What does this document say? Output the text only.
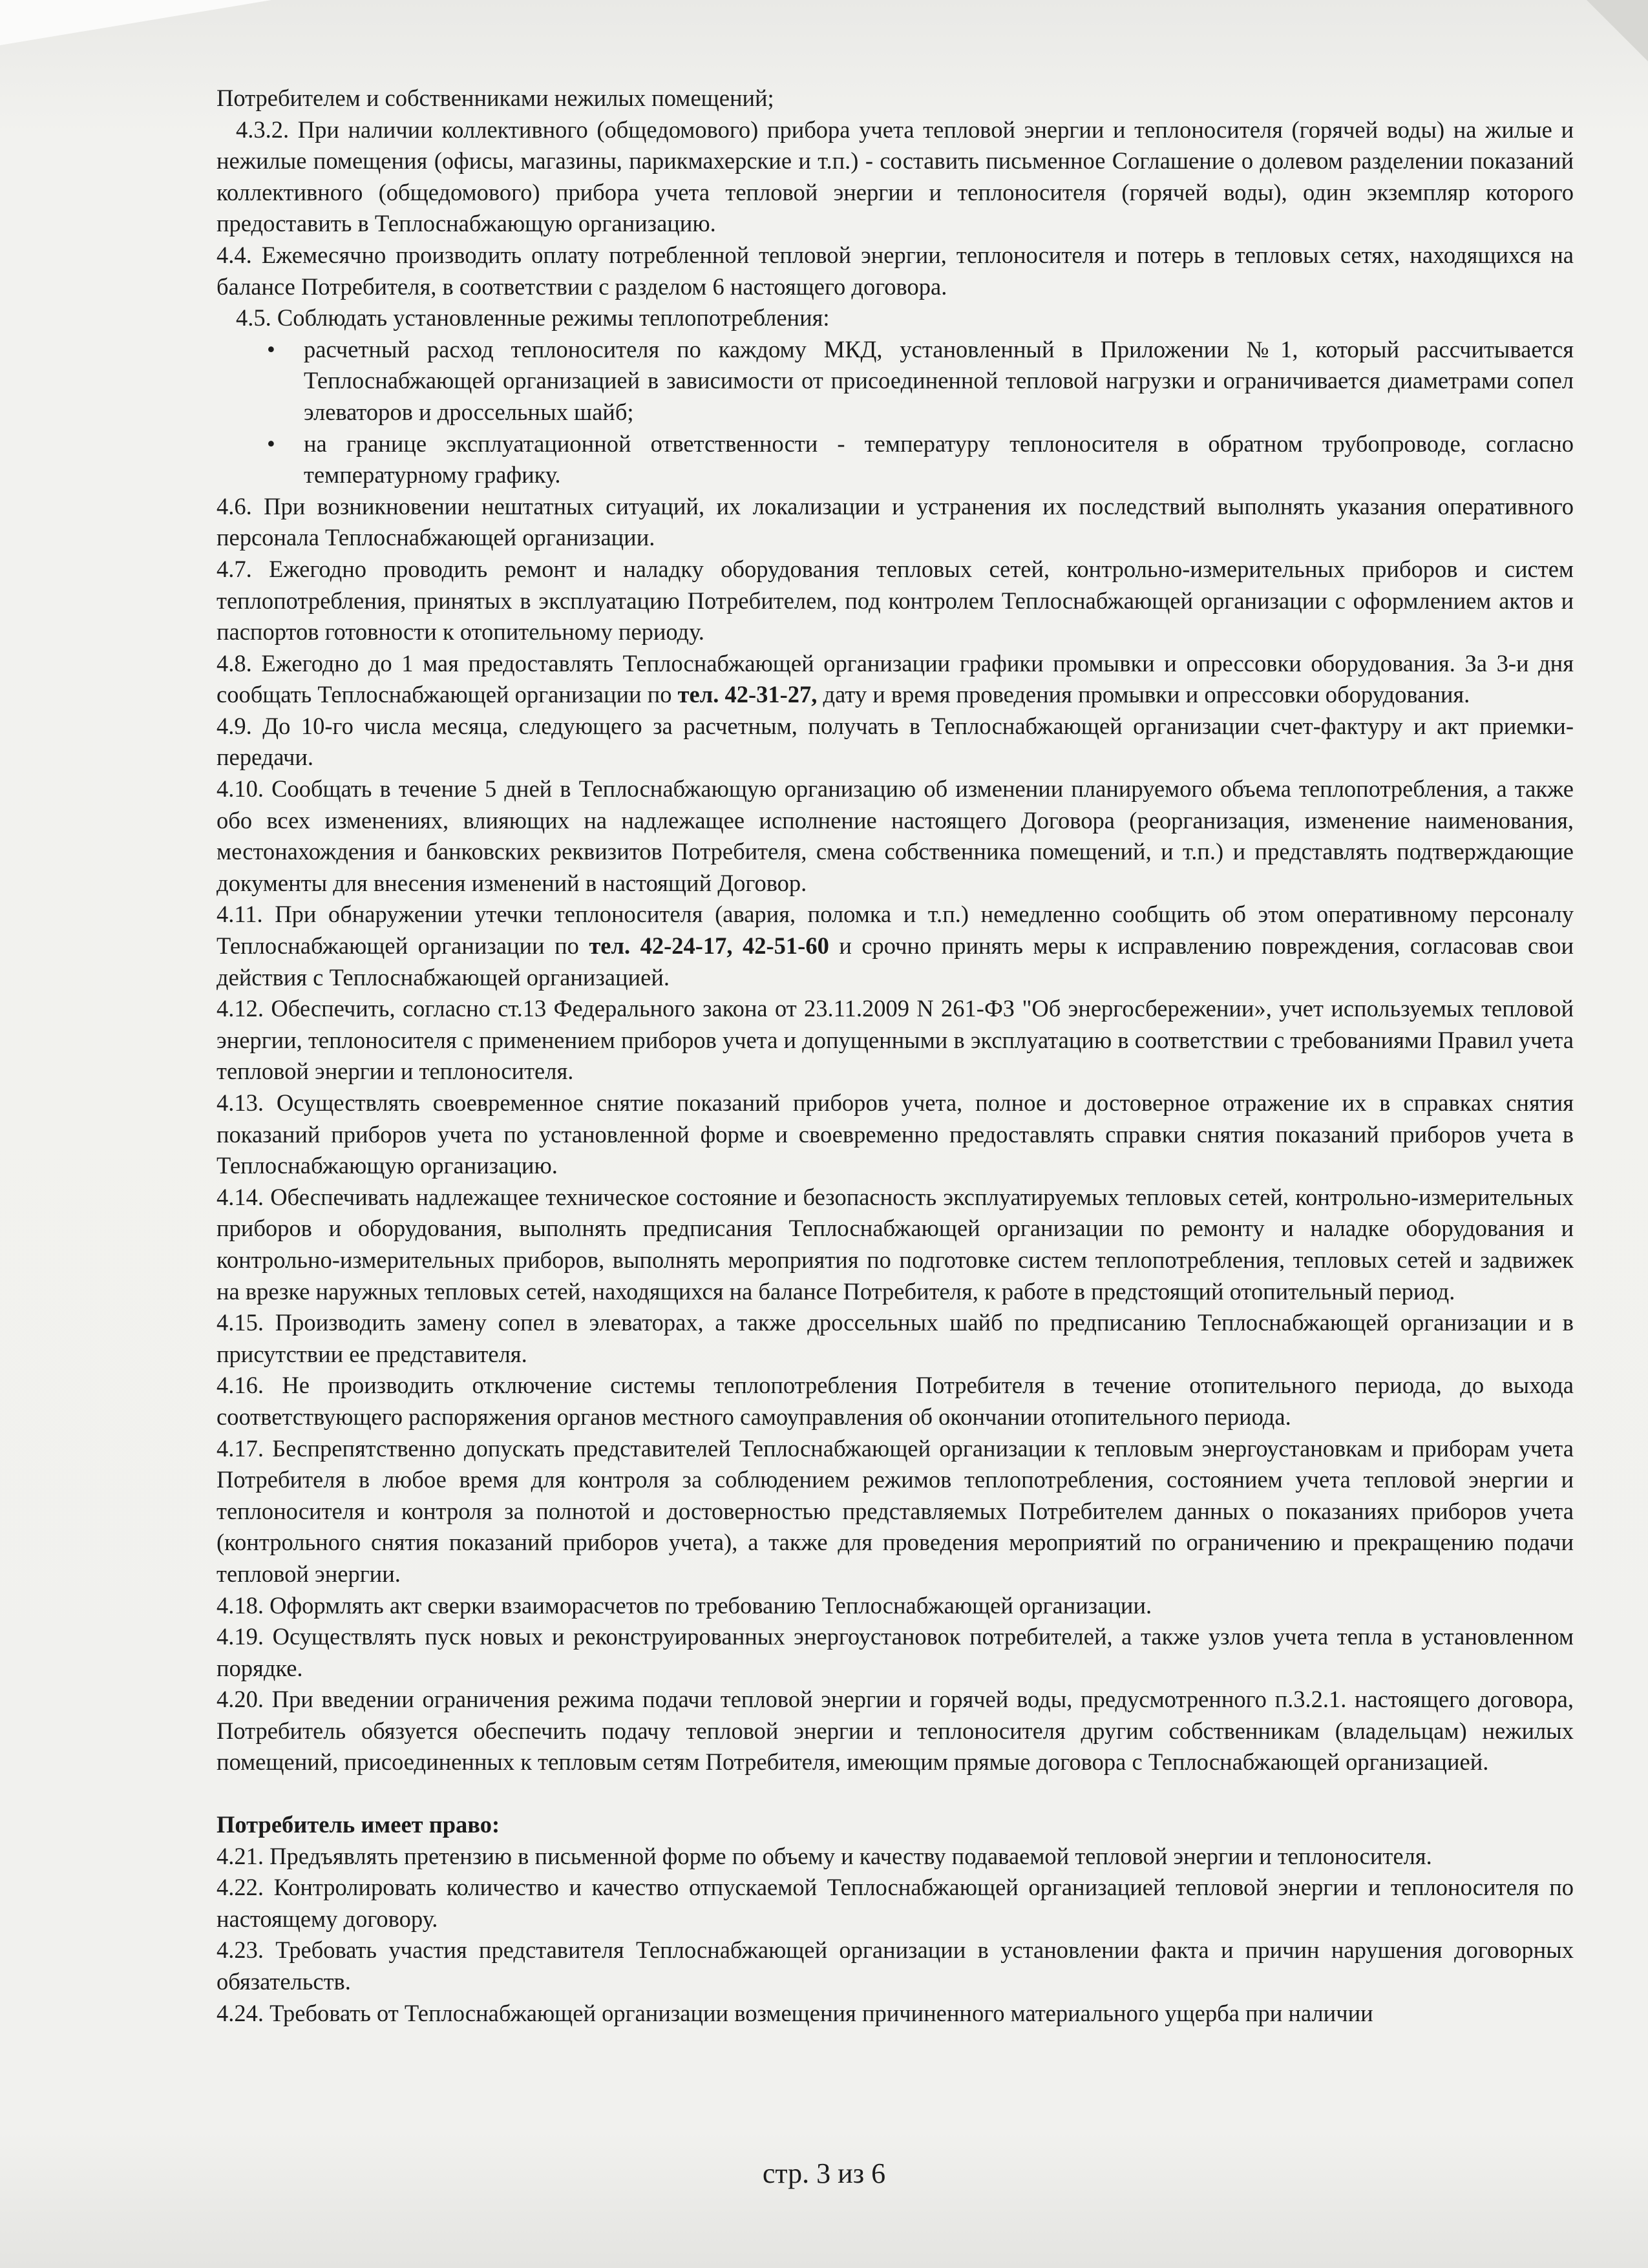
Потребителем и собственниками нежилых помещений;

4.3.2. При наличии коллективного (общедомового) прибора учета тепловой энергии и теплоносителя (горячей воды) на жилые и нежилые помещения (офисы, магазины, парикмахерские и т.п.) - составить письменное Соглашение о долевом разделении показаний коллективного (общедомового) прибора учета тепловой энергии и теплоносителя (горячей воды), один экземпляр которого предоставить в Теплоснабжающую организацию.

4.4. Ежемесячно производить оплату потребленной тепловой энергии, теплоносителя и потерь в тепловых сетях, находящихся на балансе Потребителя, в соответствии с разделом 6 настоящего договора.

4.5. Соблюдать установленные режимы теплопотребления:

• расчетный расход теплоносителя по каждому МКД, установленный в Приложении №1, который рассчитывается Теплоснабжающей организацией в зависимости от присоединенной тепловой нагрузки и ограничивается диаметрами сопел элеваторов и дроссельных шайб;
• на границе эксплуатационной ответственности - температуру теплоносителя в обратном трубопроводе, согласно температурному графику.

4.6. При возникновении нештатных ситуаций, их локализации и устранения их последствий выполнять указания оперативного персонала Теплоснабжающей организации.

4.7. Ежегодно проводить ремонт и наладку оборудования тепловых сетей, контрольно-измерительных приборов и систем теплопотребления, принятых в эксплуатацию Потребителем, под контролем Теплоснабжающей организации с оформлением актов и паспортов готовности к отопительному периоду.

4.8. Ежегодно до 1 мая предоставлять Теплоснабжающей организации графики промывки и опрессовки оборудования. За 3-и дня сообщать Теплоснабжающей организации по тел. 42-31-27, дату и время проведения промывки и опрессовки оборудования.

4.9. До 10-го числа месяца, следующего за расчетным, получать в Теплоснабжающей организации счет-фактуру и акт приемки-передачи.

4.10. Сообщать в течение 5 дней в Теплоснабжающую организацию об изменении планируемого объема теплопотребления, а также обо всех изменениях, влияющих на надлежащее исполнение настоящего Договора (реорганизация, изменение наименования, местонахождения и банковских реквизитов Потребителя, смена собственника помещений, и т.п.) и представлять подтверждающие документы для внесения изменений в настоящий Договор.

4.11. При обнаружении утечки теплоносителя (авария, поломка и т.п.) немедленно сообщить об этом оперативному персоналу Теплоснабжающей организации по тел. 42-24-17, 42-51-60 и срочно принять меры к исправлению повреждения, согласовав свои действия с Теплоснабжающей организацией.

4.12. Обеспечить, согласно ст.13 Федерального закона от 23.11.2009 N 261-ФЗ "Об энергосбережении», учет используемых тепловой энергии, теплоносителя с применением приборов учета и допущенными в эксплуатацию в соответствии с требованиями Правил учета тепловой энергии и теплоносителя.

4.13. Осуществлять своевременное снятие показаний приборов учета, полное и достоверное отражение их в справках снятия показаний приборов учета по установленной форме и своевременно предоставлять справки снятия показаний приборов учета в Теплоснабжающую организацию.

4.14. Обеспечивать надлежащее техническое состояние и безопасность эксплуатируемых тепловых сетей, контрольно-измерительных приборов и оборудования, выполнять предписания Теплоснабжающей организации по ремонту и наладке оборудования и контрольно-измерительных приборов, выполнять мероприятия по подготовке систем теплопотребления, тепловых сетей и задвижек на врезке наружных тепловых сетей, находящихся на балансе Потребителя, к работе в предстоящий отопительный период.

4.15. Производить замену сопел в элеваторах, а также дроссельных шайб по предписанию Теплоснабжающей организации и в присутствии ее представителя.

4.16. Не производить отключение системы теплопотребления Потребителя в течение отопительного периода, до выхода соответствующего распоряжения органов местного самоуправления об окончании отопительного периода.

4.17. Беспрепятственно допускать представителей Теплоснабжающей организации к тепловым энергоустановкам и приборам учета Потребителя в любое время для контроля за соблюдением режимов теплопотребления, состоянием учета тепловой энергии и теплоносителя и контроля за полнотой и достоверностью представляемых Потребителем данных о показаниях приборов учета (контрольного снятия показаний приборов учета), а также для проведения мероприятий по ограничению и прекращению подачи тепловой энергии.

4.18. Оформлять акт сверки взаиморасчетов по требованию Теплоснабжающей организации.

4.19. Осуществлять пуск новых и реконструированных энергоустановок потребителей, а также узлов учета тепла в установленном порядке.

4.20. При введении ограничения режима подачи тепловой энергии и горячей воды, предусмотренного п.3.2.1. настоящего договора, Потребитель обязуется обеспечить подачу тепловой энергии и теплоносителя другим собственникам (владельцам) нежилых помещений, присоединенных к тепловым сетям Потребителя, имеющим прямые договора с Теплоснабжающей организацией.

Потребитель имеет право:

4.21. Предъявлять претензию в письменной форме по объему и качеству подаваемой тепловой энергии и теплоносителя.

4.22. Контролировать количество и качество отпускаемой Теплоснабжающей организацией тепловой энергии и теплоносителя по настоящему договору.

4.23. Требовать участия представителя Теплоснабжающей организации в установлении факта и причин нарушения договорных обязательств.

4.24. Требовать от Теплоснабжающей организации возмещения причиненного материального ущерба при наличии

стр. 3 из 6
